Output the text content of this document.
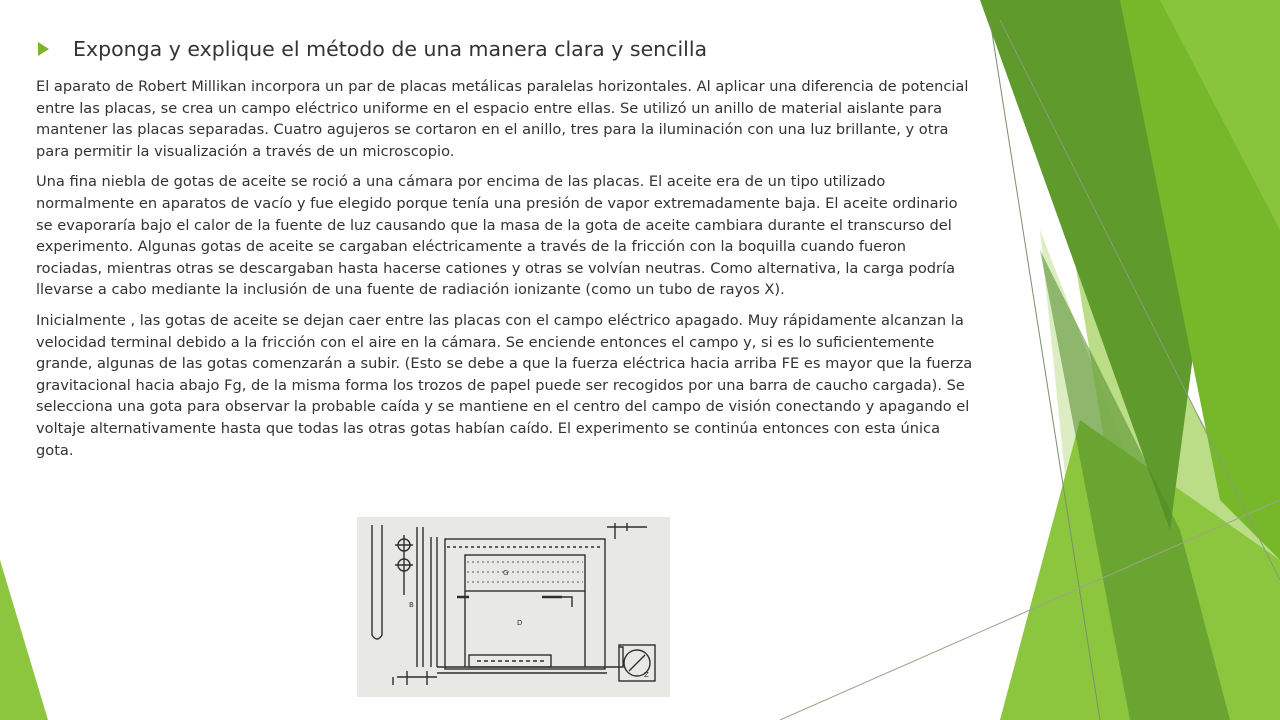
Exponga y explique el método de una manera clara y sencilla

El aparato de Robert Millikan incorpora un par de placas metálicas paralelas horizontales. Al aplicar una diferencia de potencial entre las placas, se crea un campo eléctrico uniforme en el espacio entre ellas. Se utilizó un anillo de material aislante para mantener las placas separadas. Cuatro agujeros se cortaron en el anillo, tres para la iluminación con una luz brillante, y otra para permitir la visualización a través de un microscopio.

Una fina niebla de gotas de aceite se roció a una cámara por encima de las placas. El aceite era de un tipo utilizado normalmente en aparatos de vacío y fue elegido porque tenía una presión de vapor extremadamente baja. El aceite ordinario se evaporaría bajo el calor de la fuente de luz causando que la masa de la gota de aceite cambiara durante el transcurso del experimento. Algunas gotas de aceite se cargaban eléctricamente a través de la fricción con la boquilla cuando fueron rociadas, mientras otras se descargaban hasta hacerse cationes y otras se volvían neutras. Como alternativa, la carga podría llevarse a cabo mediante la inclusión de una fuente de radiación ionizante (como un tubo de rayos X).

Inicialmente , las gotas de aceite se dejan caer entre las placas con el campo eléctrico apagado. Muy rápidamente alcanzan la velocidad terminal debido a la fricción con el aire en la cámara. Se enciende entonces el campo y, si es lo suficientemente grande, algunas de las gotas comenzarán a subir. (Esto se debe a que la fuerza eléctrica hacia arriba FE es mayor que la fuerza gravitacional hacia abajo Fg, de la misma forma los trozos de papel puede ser recogidos por una barra de caucho cargada). Se selecciona una gota para observar la probable caída y se mantiene en el centro del campo de visión conectando y apagando el voltaje alternativamente hasta que todas las otras gotas habían caído. El experimento se continúa entonces con esta única gota.

G
D
B
Z
